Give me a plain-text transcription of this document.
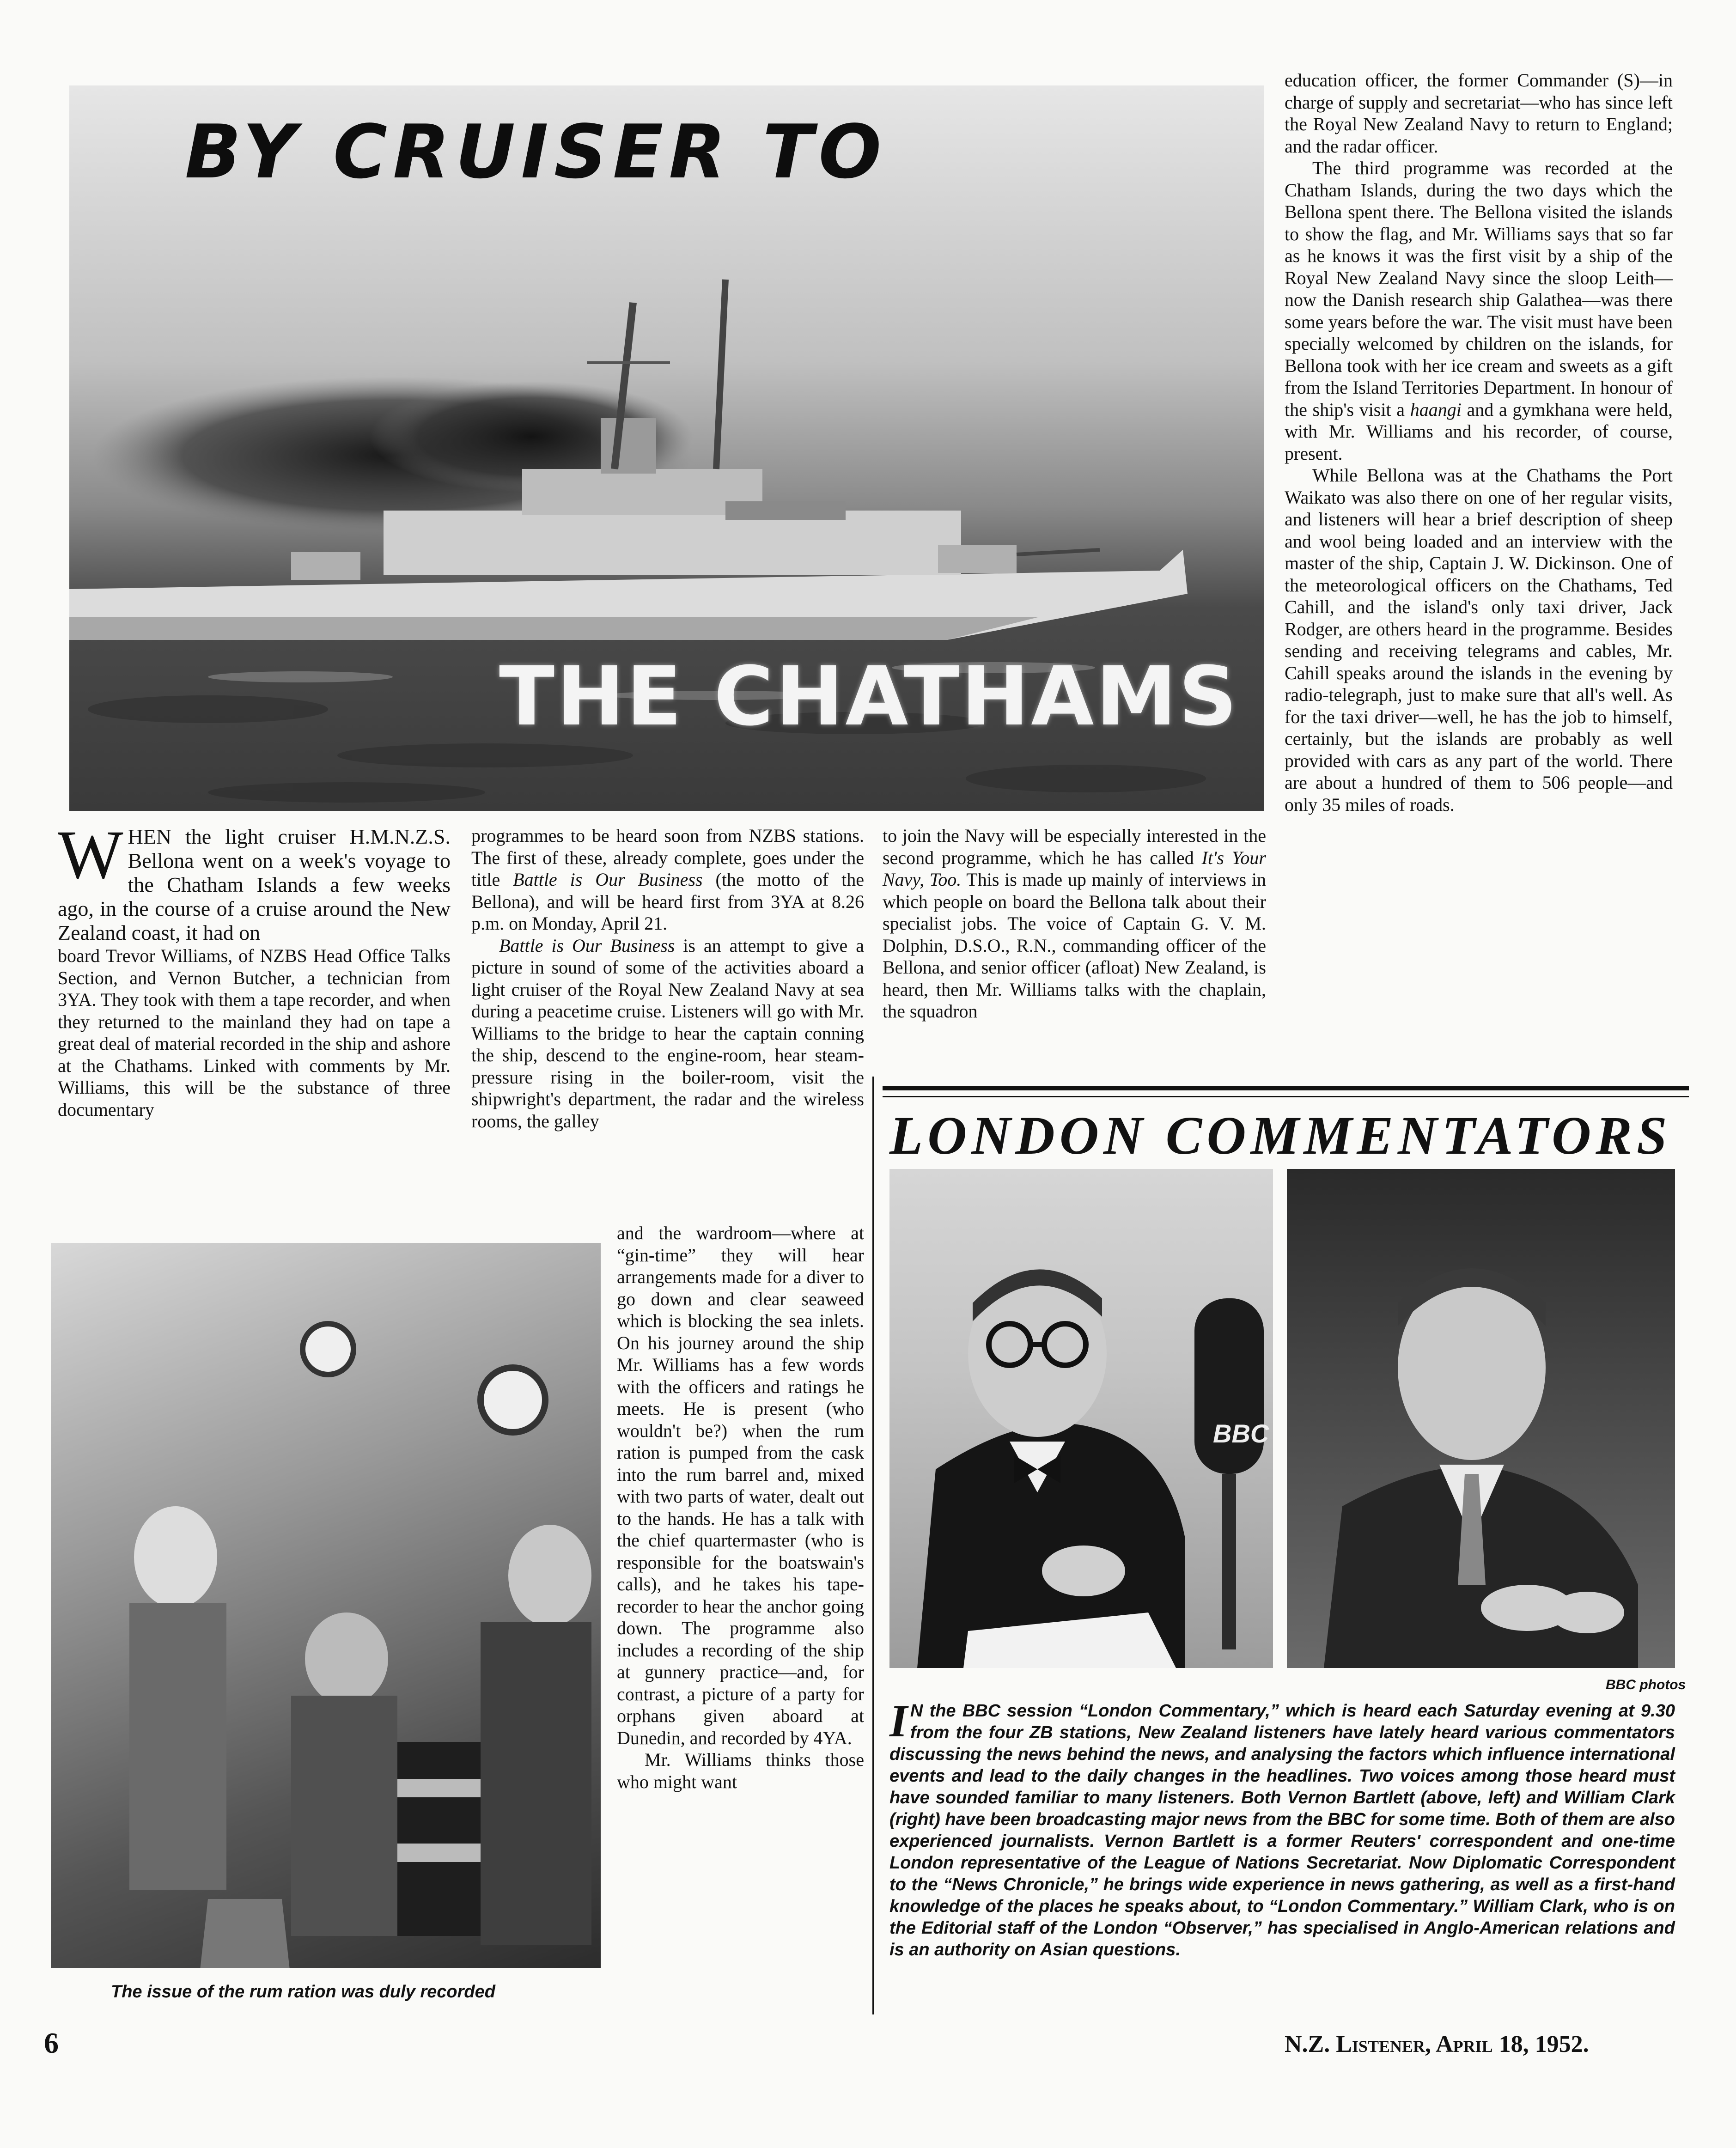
BY CRUISER TO
THE CHATHAMS

education officer, the former Commander (S)—in charge of supply and secretariat—who has since left the Royal New Zealand Navy to return to England; and the radar officer.

The third programme was recorded at the Chatham Islands, during the two days which the Bellona spent there. The Bellona visited the islands to show the flag, and Mr. Williams says that so far as he knows it was the first visit by a ship of the Royal New Zealand Navy since the sloop Leith—now the Danish research ship Galathea—was there some years before the war. The visit must have been specially welcomed by children on the islands, for Bellona took with her ice cream and sweets as a gift from the Island Territories Department. In honour of the ship's visit a haangi and a gymkhana were held, with Mr. Williams and his recorder, of course, present.

While Bellona was at the Chathams the Port Waikato was also there on one of her regular visits, and listeners will hear a brief description of sheep and wool being loaded and an interview with the master of the ship, Captain J. W. Dickinson. One of the meteorological officers on the Chathams, Ted Cahill, and the island's only taxi driver, Jack Rodger, are others heard in the programme. Besides sending and receiving telegrams and cables, Mr. Cahill speaks around the islands in the evening by radio-telegraph, just to make sure that all's well. As for the taxi driver—well, he has the job to himself, certainly, but the islands are probably as well provided with cars as any part of the world. There are about a hundred of them to 506 people—and only 35 miles of roads.

WHEN the light cruiser H.M.N.Z.S. Bellona went on a week's voyage to the Chatham Islands a few weeks ago, in the course of a cruise around the New Zealand coast, it had on

board Trevor Williams, of NZBS Head Office Talks Section, and Vernon Butcher, a technician from 3YA. They took with them a tape recorder, and when they returned to the mainland they had on tape a great deal of material recorded in the ship and ashore at the Chathams. Linked with comments by Mr. Williams, this will be the substance of three documentary

programmes to be heard soon from NZBS stations. The first of these, already complete, goes under the title Battle is Our Business (the motto of the Bellona), and will be heard first from 3YA at 8.26 p.m. on Monday, April 21.

Battle is Our Business is an attempt to give a picture in sound of some of the activities aboard a light cruiser of the Royal New Zealand Navy at sea during a peacetime cruise. Listeners will go with Mr. Williams to the bridge to hear the captain conning the ship, descend to the engine-room, hear steam-pressure rising in the boiler-room, visit the shipwright's department, the radar and the wireless rooms, the galley

and the wardroom—where at “gin-time” they will hear arrangements made for a diver to go down and clear seaweed which is blocking the sea inlets. On his journey around the ship Mr. Williams has a few words with the officers and ratings he meets. He is present (who wouldn't be?) when the rum ration is pumped from the cask into the rum barrel and, mixed with two parts of water, dealt out to the hands. He has a talk with the chief quartermaster (who is responsible for the boatswain's calls), and he takes his tape-recorder to hear the anchor going down. The programme also includes a recording of the ship at gunnery practice—and, for contrast, a picture of a party for orphans given aboard at Dunedin, and recorded by 4YA.

Mr. Williams thinks those who might want

to join the Navy will be especially interested in the second programme, which he has called It's Your Navy, Too. This is made up mainly of interviews in which people on board the Bellona talk about their specialist jobs. The voice of Captain G. V. M. Dolphin, D.S.O., R.N., commanding officer of the Bellona, and senior officer (afloat) New Zealand, is heard, then Mr. Williams talks with the chaplain, the squadron

The issue of the rum ration was duly recorded
LONDON COMMENTATORS
BBC
BBC photos
I N the BBC session “London Commentary,” which is heard each Saturday evening at 9.30 from the four ZB stations, New Zealand listeners have lately heard various commentators discussing the news behind the news, and analysing the factors which influence international events and lead to the daily changes in the headlines. Two voices among those heard must have sounded familiar to many listeners. Both Vernon Bartlett (above, left) and William Clark (right) have been broadcasting major news from the BBC for some time. Both of them are also experienced journalists. Vernon Bartlett is a former Reuters' correspondent and one-time London representative of the League of Nations Secretariat. Now Diplomatic Correspondent to the “News Chronicle,” he brings wide experience in news gathering, as well as a first-hand knowledge of the places he speaks about, to “London Commentary.” William Clark, who is on the Editorial staff of the London “Observer,” has specialised in Anglo-American relations and is an authority on Asian questions.
6	N.Z. Listener, April 18, 1952.
